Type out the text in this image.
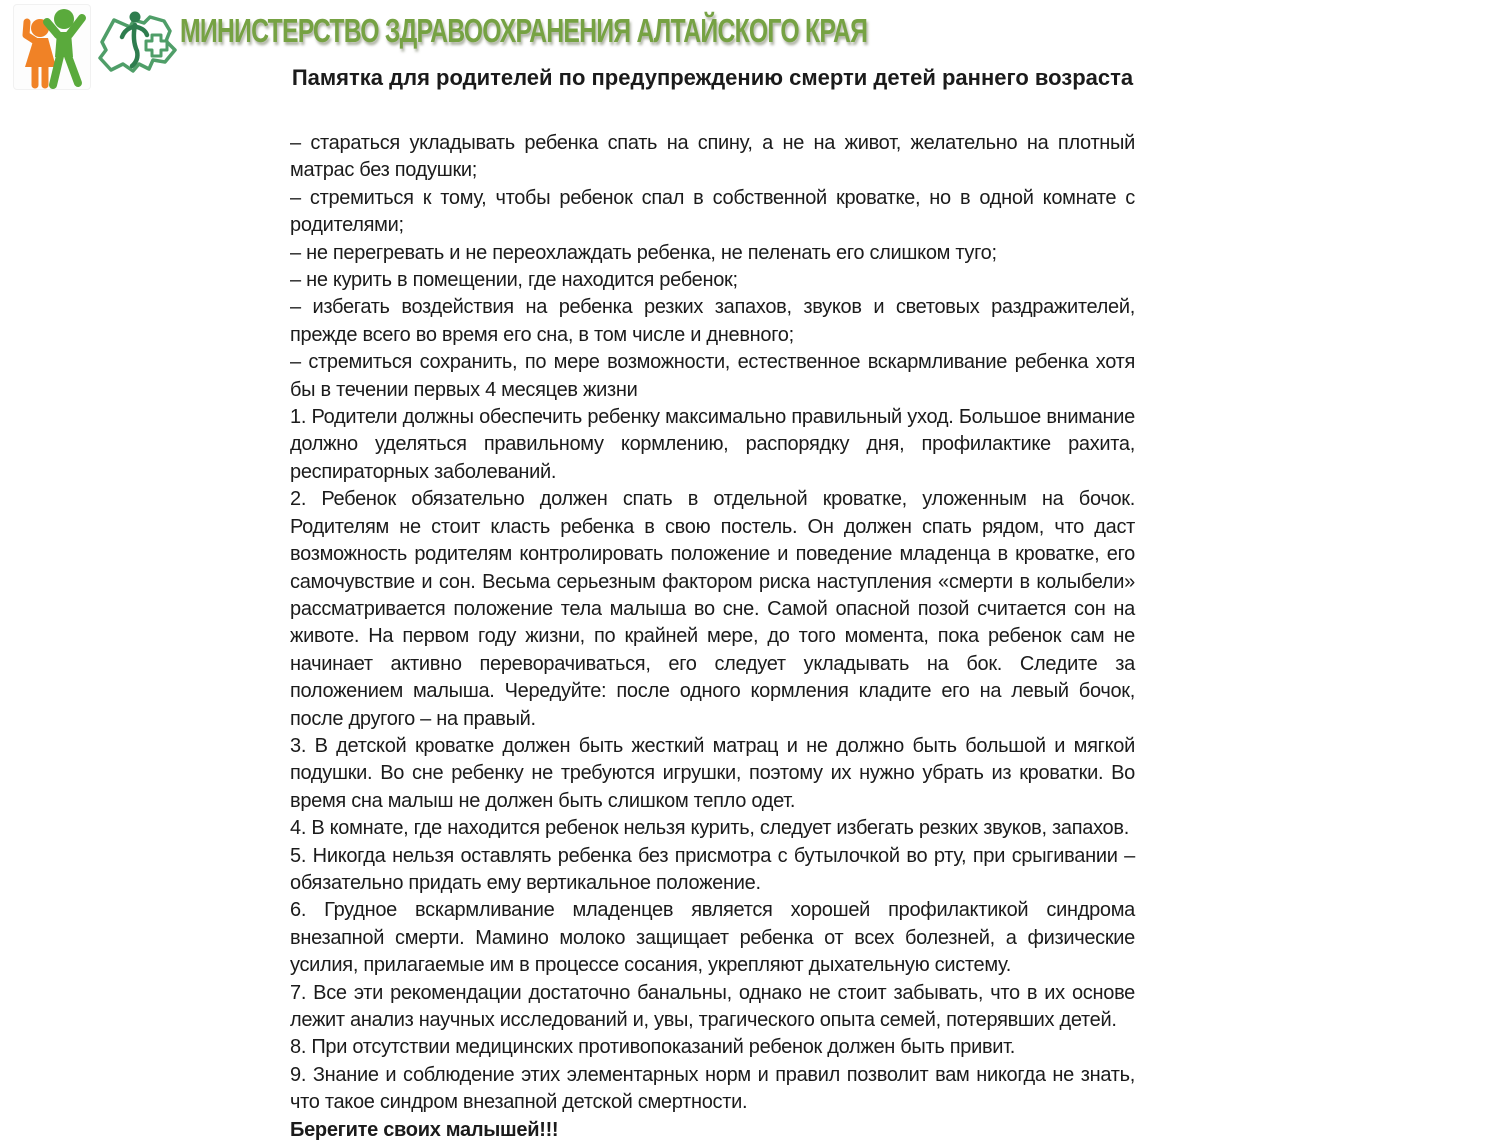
МИНИСТЕРСТВО ЗДРАВООХРАНЕНИЯ АЛТАЙСКОГО КРАЯ
Памятка для родителей по предупреждению смерти детей раннего возраста

– стараться укладывать ребенка спать на спину, а не на живот, желательно на плотный матрас без подушки;

– стремиться к тому, чтобы ребенок спал в собственной кроватке, но в одной комнате с родителями;

– не перегревать и не переохлаждать ребенка, не пеленать его слишком туго;

– не курить в помещении, где находится ребенок;

– избегать воздействия на ребенка резких запахов, звуков и световых раздражителей, прежде всего во время его сна, в том числе и дневного;

– стремиться сохранить, по мере возможности, естественное вскармливание ребенка хотя бы в течении первых 4 месяцев жизни

1. Родители должны обеспечить ребенку максимально правильный уход. Большое внимание должно уделяться правильному кормлению, распорядку дня, профилактике рахита, респираторных заболеваний.

2. Ребенок обязательно должен спать в отдельной кроватке, уложенным на бочок. Родителям не стоит класть ребенка в свою постель. Он должен спать рядом, что даст возможность родителям контролировать положение и поведение младенца в кроватке, его самочувствие и сон. Весьма серьезным фактором риска наступления «смерти в колыбели» рассматривается положение тела малыша во сне. Самой опасной позой считается сон на животе. На первом году жизни, по крайней мере, до того момента, пока ребенок сам не начинает активно переворачиваться, его следует укладывать на бок. Следите за положением малыша. Чередуйте: после одного кормления кладите его на левый бочок, после другого – на правый.

3. В детской кроватке должен быть жесткий матрац и не должно быть большой и мягкой подушки. Во сне ребенку не требуются игрушки, поэтому их нужно убрать из кроватки. Во время сна малыш не должен быть слишком тепло одет.

4. В комнате, где находится ребенок нельзя курить, следует избегать резких звуков, запахов.

5. Никогда нельзя оставлять ребенка без присмотра с бутылочкой во рту, при срыгивании – обязательно придать ему вертикальное положение.

6. Грудное вскармливание младенцев является хорошей профилактикой синдрома внезапной смерти. Мамино молоко защищает ребенка от всех болезней, а физические усилия, прилагаемые им в процессе сосания, укрепляют дыхательную систему.

7. Все эти рекомендации достаточно банальны, однако не стоит забывать, что в их основе лежит анализ научных исследований и, увы, трагического опыта семей, потерявших детей.

8. При отсутствии медицинских противопоказаний ребенок должен быть привит.

9. Знание и соблюдение этих элементарных норм и правил позволит вам никогда не знать, что такое синдром внезапной детской смертности.

Берегите своих малышей!!!
